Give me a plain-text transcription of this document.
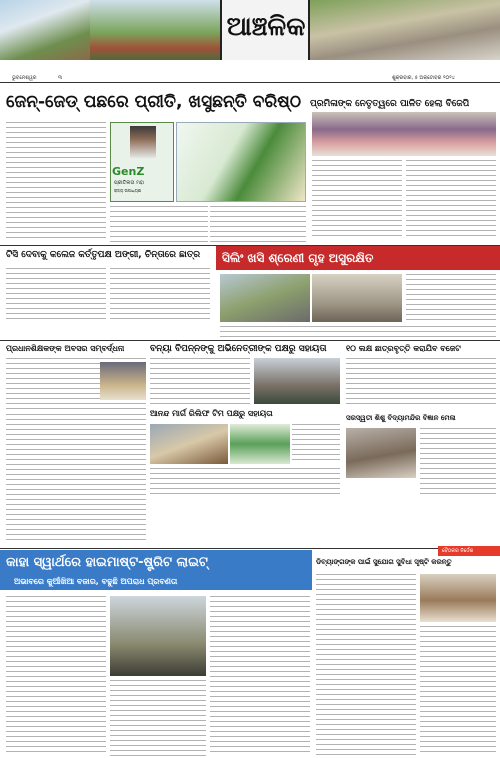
ଆଞ୍ଚଳିକ
ଭୁବନେଶ୍ୱର	୩	ଶୁକ୍ରବାର, ୫ ଅକ୍ଟୋବର ୨୦୨୪
ଜେନ୍-ଜେଡ୍ ପଛରେ ପ୍ରୀତି, ଖସୁଛନ୍ତି ବରିଷ୍ଠ
GenZ
ପ୍ରୀତିଲତା ମହା
ରାଜ୍ୟ ଉପାଧ୍ୟକ୍ଷ
ପ୍ରମିଳାଙ୍କ ନେତୃତ୍ୱରେ ପାଳିତ ହେଲା ବିଜେପି
ଟିସି ଦେବାକୁ କଲେଜ କର୍ତ୍ତୃପକ୍ଷ ଅଙ୍ଗୀ, ଚିନ୍ତାରେ ଛାତ୍ର	ସିଲିଂ ଖସି ଶ୍ରେଣୀ ଗୃହ ଅସୁରକ୍ଷିତ
ପ୍ରଧାନଶିକ୍ଷକଙ୍କ ଅବସର ସମ୍ବର୍ଦ୍ଧନା	ବନ୍ୟା ବିପନ୍ନଙ୍କୁ ଅଭିନେତ୍ରୀଙ୍କ ପକ୍ଷରୁ ସହାୟତା
ଆନନ୍ଦ ମାର୍ଗ ରିଲିଫ ଟିମ ପକ୍ଷରୁ ସହାୟତା
୧୦ ଲକ୍ଷ ଛାତ୍ରବୃତ୍ତି କରାଯିବ ବଜେଟ
ସରସ୍ୱତୀ ଶିଶୁ ବିଦ୍ୟାମନ୍ଦିର ବିଜ୍ଞାନ ମେଳା
କାହା ସ୍ୱାର୍ଥରେ ହାଇମାଷ୍ଟ-ଷ୍ଟ୍ରିଟ ଲାଇଟ୍
ଅଭାବରେ କୁଆଁଖିଆ ବଜାର, ବଢୁଛି ଅପରାଧ ପ୍ରବଣତା
ବୈଠକର ନିର୍ଦ୍ଦେଶ
ଡିବ୍ୟାଙ୍ଗଙ୍କ ପାଇଁ ସୁଯୋଗ ସୁବିଧା ସୃଷ୍ଟି କରନ୍ତୁ
